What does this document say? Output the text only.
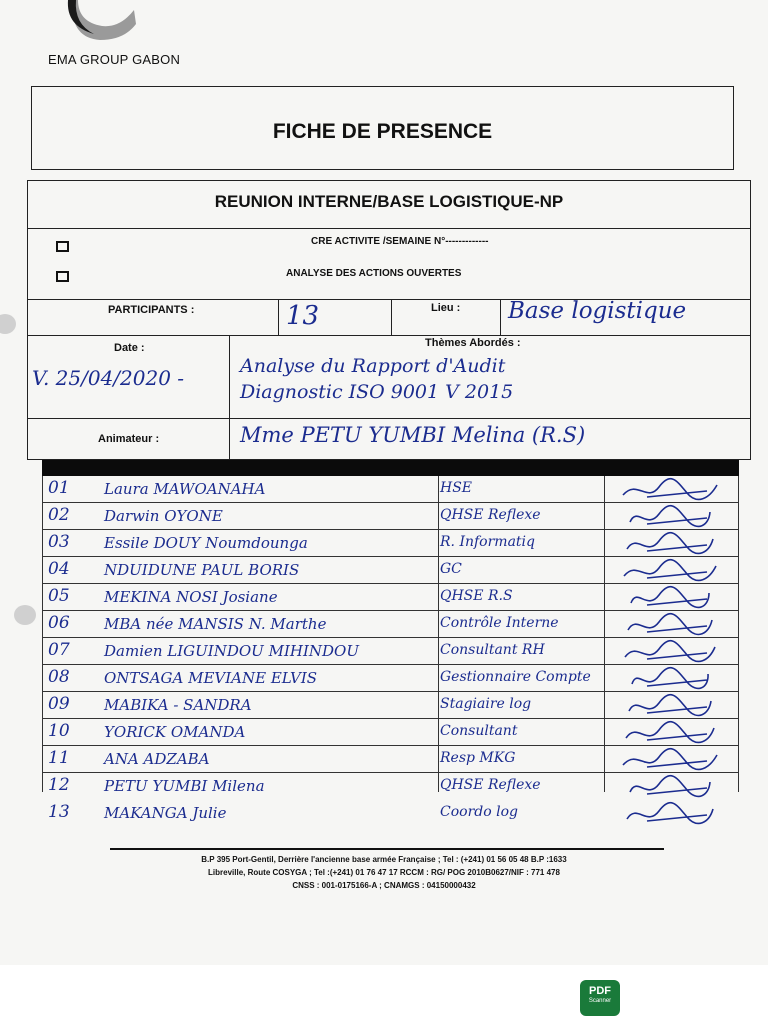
EMA GROUP GABON
FICHE DE PRESENCE
REUNION INTERNE/BASE LOGISTIQUE-NP
CRE ACTIVITE /SEMAINE N°-------------
ANALYSE DES ACTIONS OUVERTES
PARTICIPANTS :	13	Lieu : Base logistique
Date :	Thèmes Abordés :
V. 25/04/2020 -	Analyse du Rapport d'Audit
Diagnostic ISO 9001 V 2015
Animateur :	Mme PETU YUMBI Melina (R.S)
01 Laura MAWOANAHA	HSE
02 Darwin OYONE	QHSE Reflexe
03 Essile DOUY Noumdounga	R. Informatiq
04 NDUIDUNE PAUL BORIS	GC
05 MEKINA NOSI Josiane	QHSE R.S
06 MBA née MANSIS N. Marthe	Contrôle Interne
07 Damien LIGUINDOU MIHINDOU	Consultant RH
08 ONTSAGA MEVIANE ELVIS	Gestionnaire Compte
09 MABIKA - SANDRA	Stagiaire log
10 YORICK OMANDA	Consultant
11 ANA ADZABA	Resp MKG
12 PETU YUMBI Milena	QHSE Reflexe
13 MAKANGA Julie	Coordo log
B.P 395 Port-Gentil, Derrière l'ancienne base armée Française ; Tel : (+241) 01 56 05 48 B.P :1633
Libreville, Route COSYGA ; Tel :(+241) 01 76 47 17 RCCM : RG/ POG 2010B0627/NIF : 771 478
CNSS : 001-0175166-A ; CNAMGS : 04150000432
PDF
Scanner
